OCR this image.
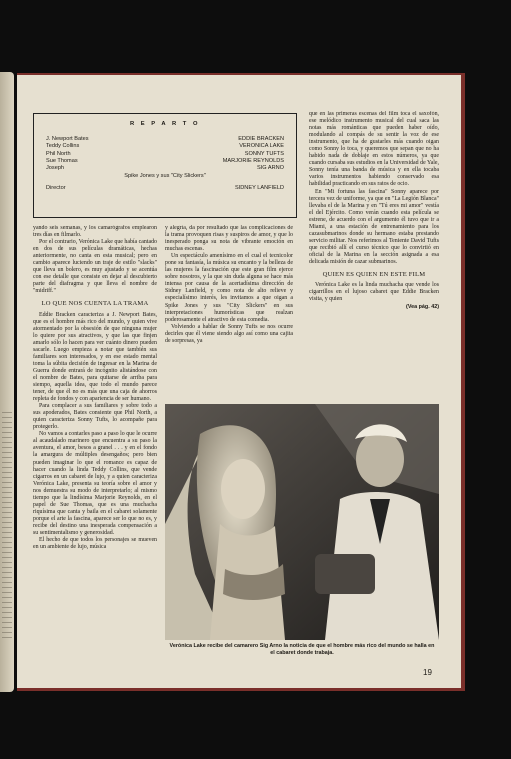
R E P A R T O
J. Newport Bates	EDDIE BRACKEN
Teddy Collins	VERONICA LAKE
Phil North	SONNY TUFTS
Sue Thomas	MARJORIE REYNOLDS
Joseph	SIG ARNO
Spike Jones y sus "City Slickers"
Director	SIDNEY LANFIELD

yando seis semanas, y los camarógrafos emplearon tres días en filmarlo.

Por el contrario, Verónica Lake que había cantado en dos de sus películas dramáticas, hechas anteriormente, no canta en esta musical; pero en cambio aparece luciendo un traje de estilo "slacks" que lleva un bolero, es muy ajustado y se acentúa con ese detalle que consiste en dejar al descubierto parte del diafragma y que lleva el nombre de "midriff."

LO QUE NOS CUENTA LA TRAMA

Eddie Bracken caracteriza a J. Newport Bates, que es el hombre más rico del mundo, y quien vive atormentado por la obsesión de que ninguna mujer lo quiere por sus atractivos, y que las que finjen amarlo sólo lo hacen para ver cuánto dinero pueden sacarle. Luego empieza a notar que también sus familiares son interesados, y en ese estado mental toma la súbita decisión de ingresar en la Marina de Guerra donde entrará de incógnito alistándose con el nombre de Bates, para quitarse de arriba para siempo, aquella idea, que todo el mundo parece tener, de que él no es más que una caja de ahorros repleta de fondos y con apariencia de ser humano.

Para complacer a sus familiares y sobre todo a sus apoderados, Bates consiente que Phil North, a quien caracteriza Sonny Tufts, lo acompañe para protegerlo.

No vamos a contarles paso a paso lo que le ocurre al acaudalado marinero que encuentra a su paso la aventura, el amor, besos a granel . . . y en el fondo la amargura de múltiples desengaños; pero bien pueden imaginar lo que el romance es capaz de hacer cuando la linda Teddy Collins, que vende cigarros en un cabaret de lujo, y a quien caracteriza Verónica Lake, presenta su teoría sobre el amor y nos demuestra su modo de interpretarlo; al mismo tiempo que la lindísima Marjorie Reynolds, en el papel de Sue Thomas, que es una muchacha riquísima que canta y baila en el cabaret solamente porque el arte la fascina, aparece ser lo que no es, y recibe del destino una inesperada compensación a su sentimentalismo y generosidad.

El hecho de que todos los personajes se mueven en un ambiente de lujo, música

y alegría, da por resultado que las complicaciones de la trama provoquen risas y suspiros de amor, y que lo inesperado ponga su nota de vibrante emoción en muchas escenas.

Un espectáculo amenísimo en el cual el tecnicolor pone su fantasía, la música su encanto y la belleza de las mujeres la fascinación que este gran film ejerce sobre nosotros, y la que sin duda alguna se hace más intensa por causa de la acertadísima dirección de Sidney Lanfield, y como nota de alto relieve y especialísimo interés, les invitamos a que oigan a Spike Jones y sus "City Slickers" en sus interpretaciones humorísticas que realzan poderosamente el atractivo de esta comedia.

Volviendo a hablar de Sonny Tufts se nos ocurre decirles que él viene siendo algo así como una cajita de sorpresas, ya

que en las primeras escenas del film toca el saxofón, ese melódico instrumento musical del cual saca las notas más románticas que pueden haber oído, modulando al compás de su sentir la voz de ese instrumento, que ha de gustarles más cuando oigan como Sonny lo toca, y queremos que sepan que no ha habido nada de doblaje en estos números, ya que cuando cursaba sus estudios en la Universidad de Yale, Sonny tenía una banda de música y en ella tocaba varios instrumentos habiendo conservado esa habilidad practicando en sus ratos de ocio.

En "Mi fortuna las fascina" Sonny aparece por tercera vez de uniforme, ya que en "La Legión Blanca" llevaba el de la Marina y en "Tú eres mi amor" vestía el del Ejército. Como verán cuando esta película se estrene, de acuerdo con el argumento él tuvo que ir a Miami, a una estación de entrenamiento para los cazasubmarinos donde su hermano estaba prestando servicio militar. Nos referimos al Teniente David Tufts que recibió allí el curso técnico que lo convirtió en oficial de la Marina en la sección asignada a esa delicada misión de cazar submarinos.

QUIEN ES QUIEN EN ESTE FILM

Verónica Lake es la linda muchacha que vende los cigarrillos en el lujoso cabaret que Eddie Bracken visita, y quien

(Vea pág. 42)
Verónica Lake recibe del camarero Sig Arno la noticia de que el hombre más rico del mundo se halla en el cabaret donde trabaja.
19
